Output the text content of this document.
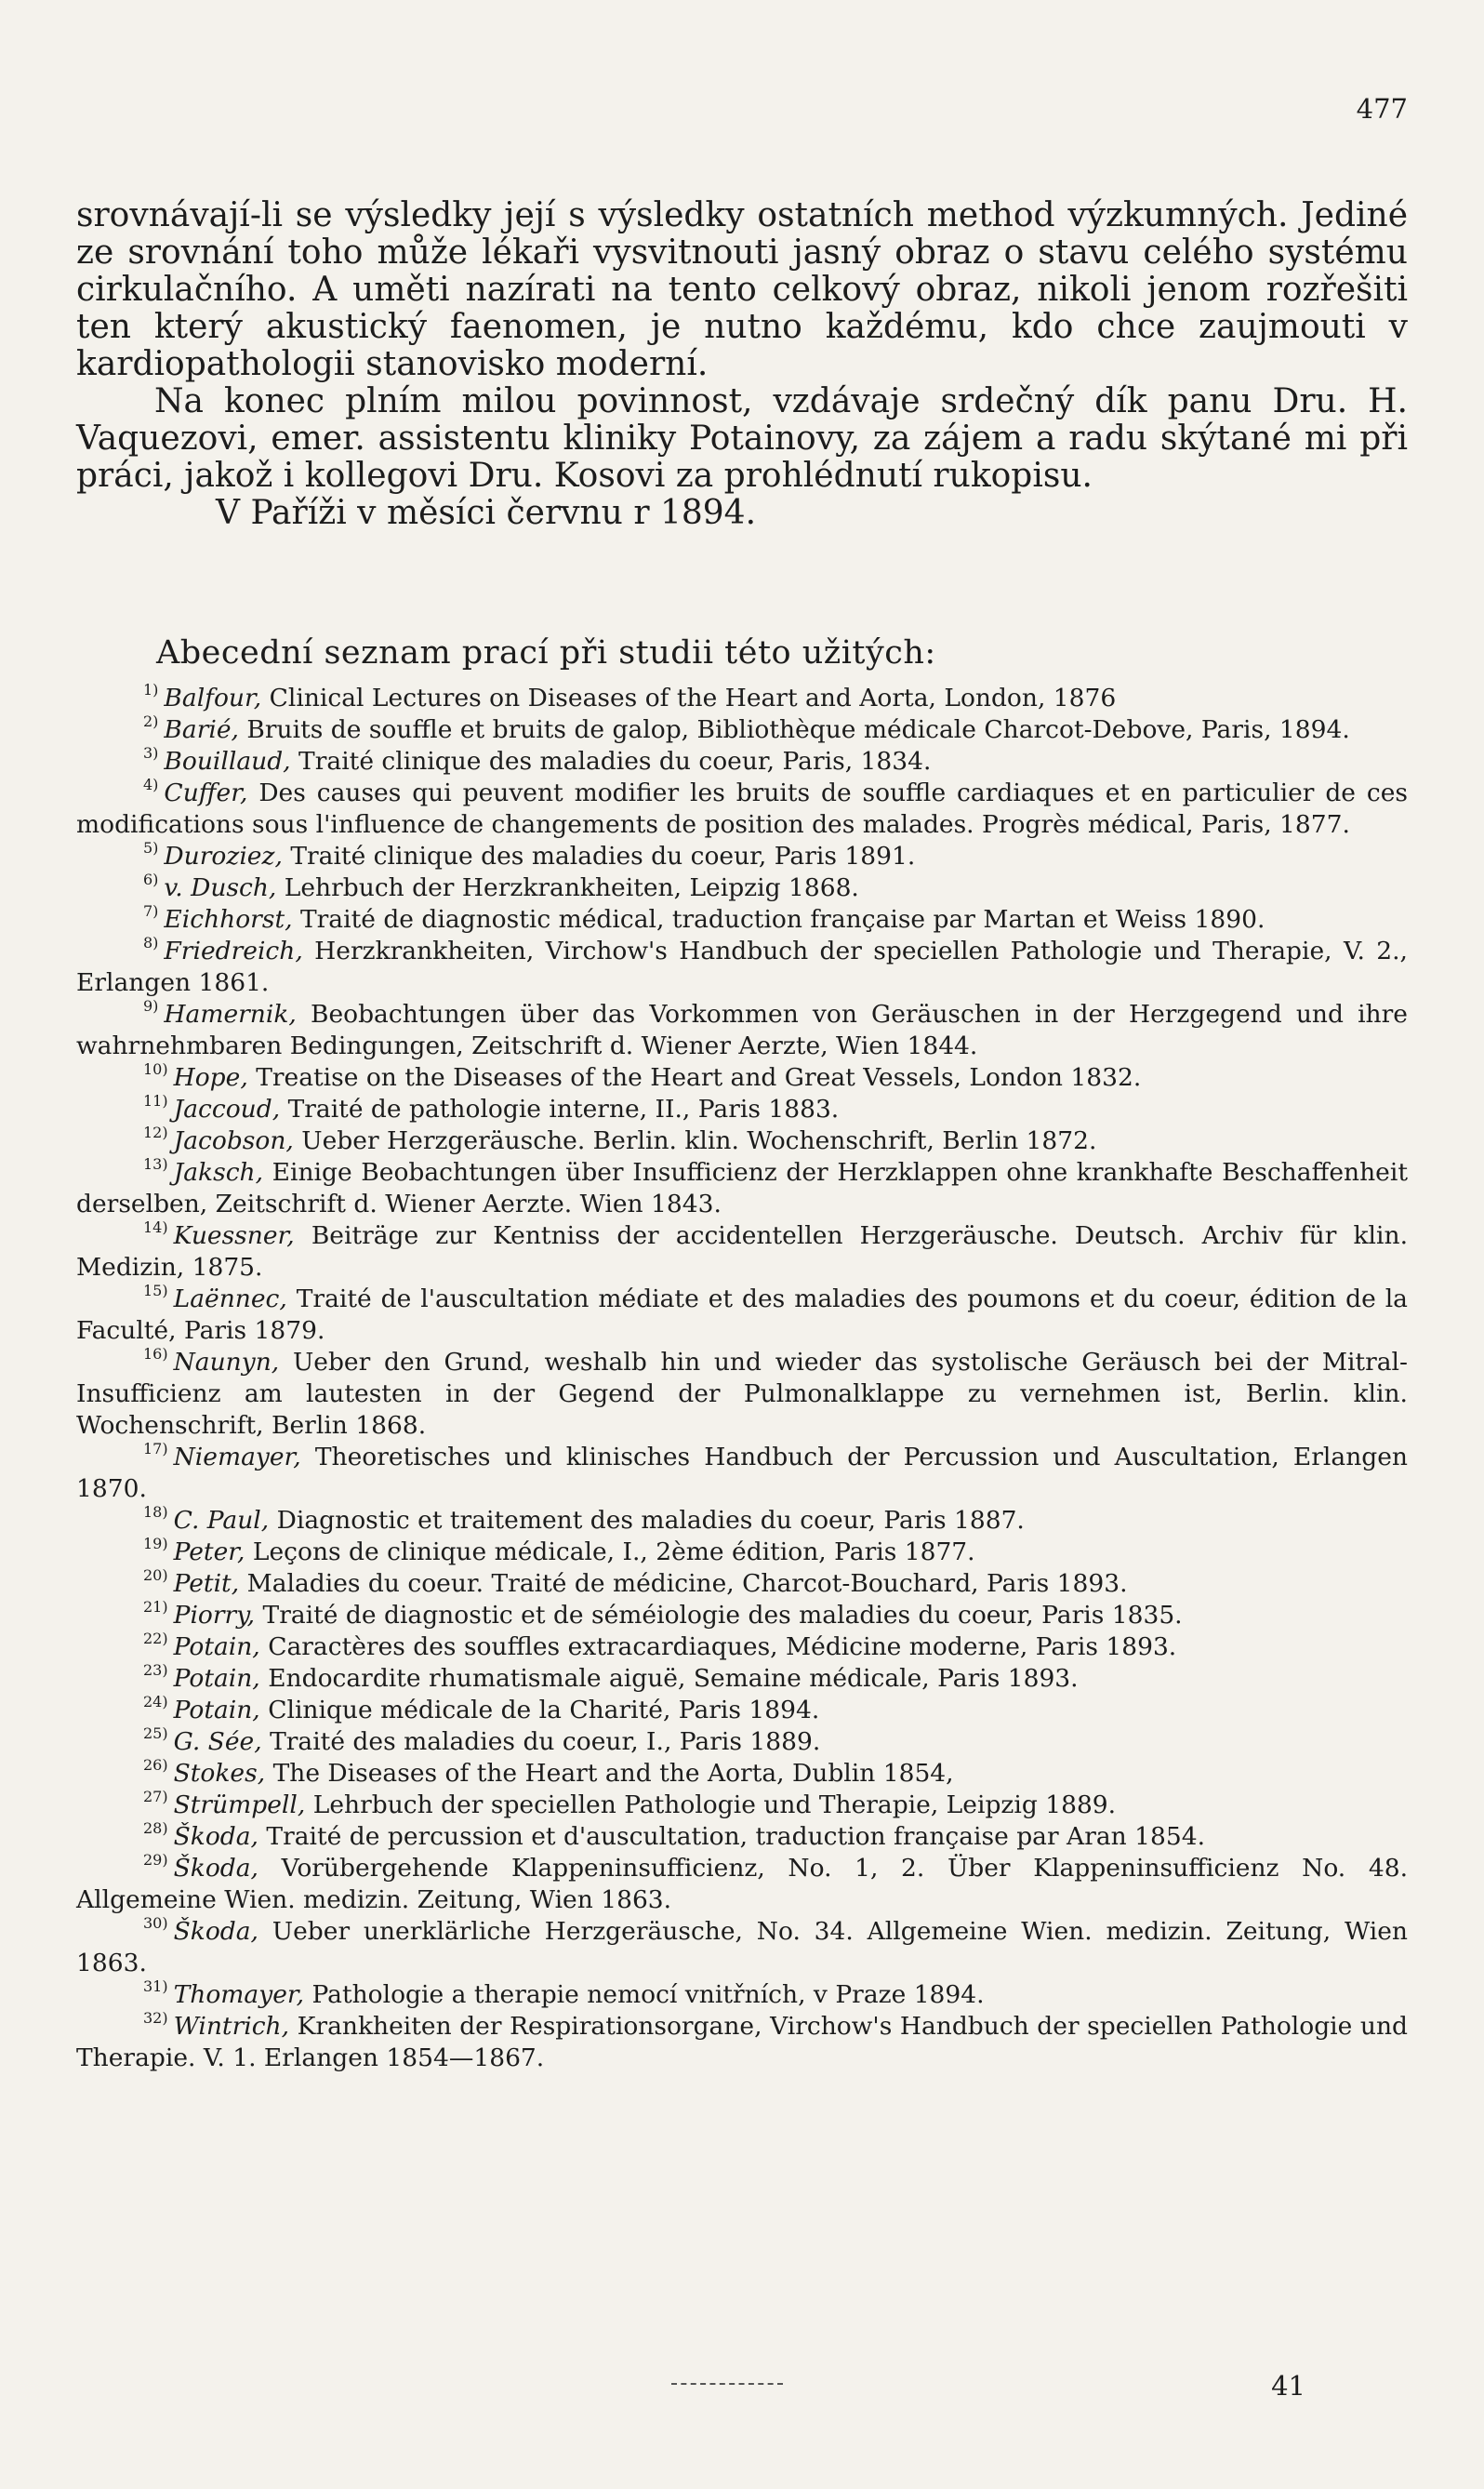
477

srovnávají-li se výsledky její s výsledky ostatních method výzkumných. Jediné ze srovnání toho může lékaři vysvitnouti jasný obraz o stavu celého systému cirkulačního. A uměti nazírati na tento celkový obraz, nikoli jenom rozřešiti ten který akustický faenomen, je nutno každému, kdo chce zaujmouti v kardiopathologii stanovisko moderní.

Na konec plním milou povinnost, vzdávaje srdečný dík panu Dru. H. Vaquezovi, emer. assistentu kliniky Potainovy, za zájem a radu skýtané mi při práci, jakož i kollegovi Dru. Kosovi za prohlédnutí rukopisu.

V Paříži v měsíci červnu r 1894.

Abecední seznam prací při studii této užitých:

$^{1)}$ Balfour, Clinical Lectures on Diseases of the Heart and Aorta, London, 1876

$^{2)}$ Barié, Bruits de souffle et bruits de galop, Bibliothèque médicale Charcot-Debove, Paris, 1894.

$^{3)}$ Bouillaud, Traité clinique des maladies du coeur, Paris, 1834.

$^{4)}$ Cuffer, Des causes qui peuvent modifier les bruits de souffle cardiaques et en particulier de ces modifications sous l'influence de changements de position des malades. Progrès médical, Paris, 1877.

$^{5)}$ Duroziez, Traité clinique des maladies du coeur, Paris 1891.

$^{6)}$ v. Dusch, Lehrbuch der Herzkrankheiten, Leipzig 1868.

$^{7)}$ Eichhorst, Traité de diagnostic médical, traduction française par Martan et Weiss 1890.

$^{8)}$ Friedreich, Herzkrankheiten, Virchow's Handbuch der speciellen Pathologie und Therapie, V. 2., Erlangen 1861.

$^{9)}$ Hamernik, Beobachtungen über das Vorkommen von Geräuschen in der Herzgegend und ihre wahrnehmbaren Bedingungen, Zeitschrift d. Wiener Aerzte, Wien 1844.

$^{10)}$ Hope, Treatise on the Diseases of the Heart and Great Vessels, London 1832.

$^{11)}$ Jaccoud, Traité de pathologie interne, II., Paris 1883.

$^{12)}$ Jacobson, Ueber Herzgeräusche. Berlin. klin. Wochenschrift, Berlin 1872.

$^{13)}$ Jaksch, Einige Beobachtungen über Insufficienz der Herzklappen ohne krankhafte Beschaffenheit derselben, Zeitschrift d. Wiener Aerzte. Wien 1843.

$^{14)}$ Kuessner, Beiträge zur Kentniss der accidentellen Herzgeräusche. Deutsch. Archiv für klin. Medizin, 1875.

$^{15)}$ Laënnec, Traité de l'auscultation médiate et des maladies des poumons et du coeur, édition de la Faculté, Paris 1879.

$^{16)}$ Naunyn, Ueber den Grund, weshalb hin und wieder das systolische Geräusch bei der Mitral-Insufficienz am lautesten in der Gegend der Pulmonalklappe zu vernehmen ist, Berlin. klin. Wochenschrift, Berlin 1868.

$^{17)}$ Niemayer, Theoretisches und klinisches Handbuch der Percussion und Auscultation, Erlangen 1870.

$^{18)}$ C. Paul, Diagnostic et traitement des maladies du coeur, Paris 1887.

$^{19)}$ Peter, Leçons de clinique médicale, I., 2ème édition, Paris 1877.

$^{20)}$ Petit, Maladies du coeur. Traité de médicine, Charcot-Bouchard, Paris 1893.

$^{21)}$ Piorry, Traité de diagnostic et de séméiologie des maladies du coeur, Paris 1835.

$^{22)}$ Potain, Caractères des souffles extracardiaques, Médicine moderne, Paris 1893.

$^{23)}$ Potain, Endocardite rhumatismale aiguë, Semaine médicale, Paris 1893.

$^{24)}$ Potain, Clinique médicale de la Charité, Paris 1894.

$^{25)}$ G. Sée, Traité des maladies du coeur, I., Paris 1889.

$^{26)}$ Stokes, The Diseases of the Heart and the Aorta, Dublin 1854,

$^{27)}$ Strümpell, Lehrbuch der speciellen Pathologie und Therapie, Leipzig 1889.

$^{28)}$ Škoda, Traité de percussion et d'auscultation, traduction française par Aran 1854.

$^{29)}$ Škoda, Vorübergehende Klappeninsufficienz, No. 1, 2. Über Klappeninsufficienz No. 48. Allgemeine Wien. medizin. Zeitung, Wien 1863.

$^{30)}$ Škoda, Ueber unerklärliche Herzgeräusche, No. 34. Allgemeine Wien. medizin. Zeitung, Wien 1863.

$^{31)}$ Thomayer, Pathologie a therapie nemocí vnitřních, v Praze 1894.

$^{32)}$ Wintrich, Krankheiten der Respirationsorgane, Virchow's Handbuch der speciellen Pathologie und Therapie. V. 1. Erlangen 1854—1867.

41
